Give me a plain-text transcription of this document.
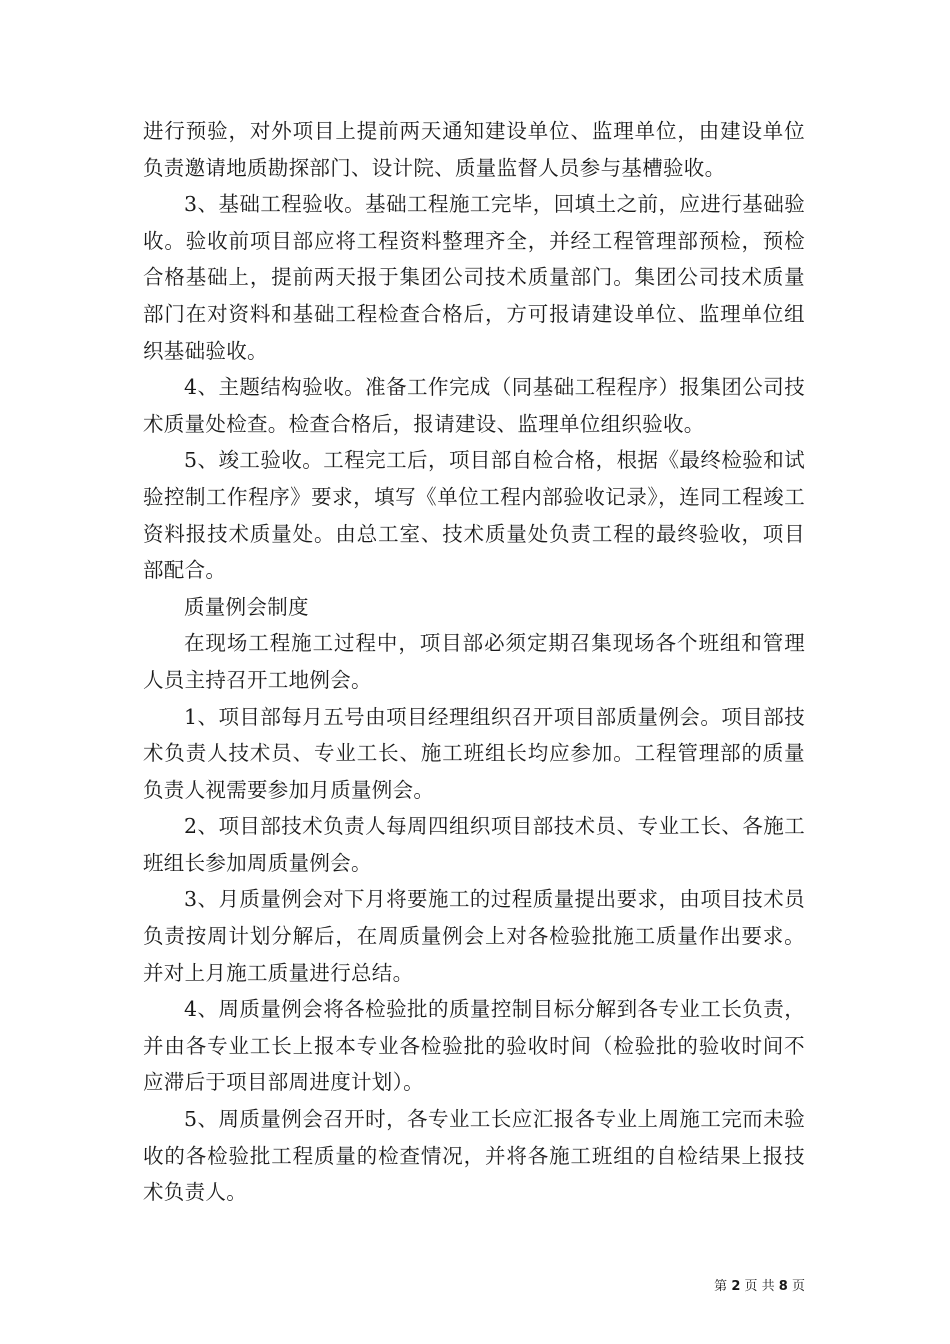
进行预验，对外项目上提前两天通知建设单位、监理单位，由建设单位负责邀请地质勘探部门、设计院、质量监督人员参与基槽验收。

3、基础工程验收。基础工程施工完毕，回填土之前，应进行基础验收。验收前项目部应将工程资料整理齐全，并经工程管理部预检，预检合格基础上，提前两天报于集团公司技术质量部门。集团公司技术质量部门在对资料和基础工程检查合格后，方可报请建设单位、监理单位组织基础验收。

4、主题结构验收。准备工作完成（同基础工程程序）报集团公司技术质量处检查。检查合格后，报请建设、监理单位组织验收。

5、竣工验收。工程完工后，项目部自检合格，根据《最终检验和试验控制工作程序》要求，填写《单位工程内部验收记录》，连同工程竣工资料报技术质量处。由总工室、技术质量处负责工程的最终验收，项目部配合。

质量例会制度

在现场工程施工过程中，项目部必须定期召集现场各个班组和管理人员主持召开工地例会。

1、项目部每月五号由项目经理组织召开项目部质量例会。项目部技术负责人技术员、专业工长、施工班组长均应参加。工程管理部的质量负责人视需要参加月质量例会。

2、项目部技术负责人每周四组织项目部技术员、专业工长、各施工班组长参加周质量例会。

3、月质量例会对下月将要施工的过程质量提出要求，由项目技术员负责按周计划分解后，在周质量例会上对各检验批施工质量作出要求。并对上月施工质量进行总结。

4、周质量例会将各检验批的质量控制目标分解到各专业工长负责，并由各专业工长上报本专业各检验批的验收时间（检验批的验收时间不应滞后于项目部周进度计划）。

5、周质量例会召开时，各专业工长应汇报各专业上周施工完而未验收的各检验批工程质量的检查情况，并将各施工班组的自检结果上报技术负责人。

第 2 页 共 8 页
